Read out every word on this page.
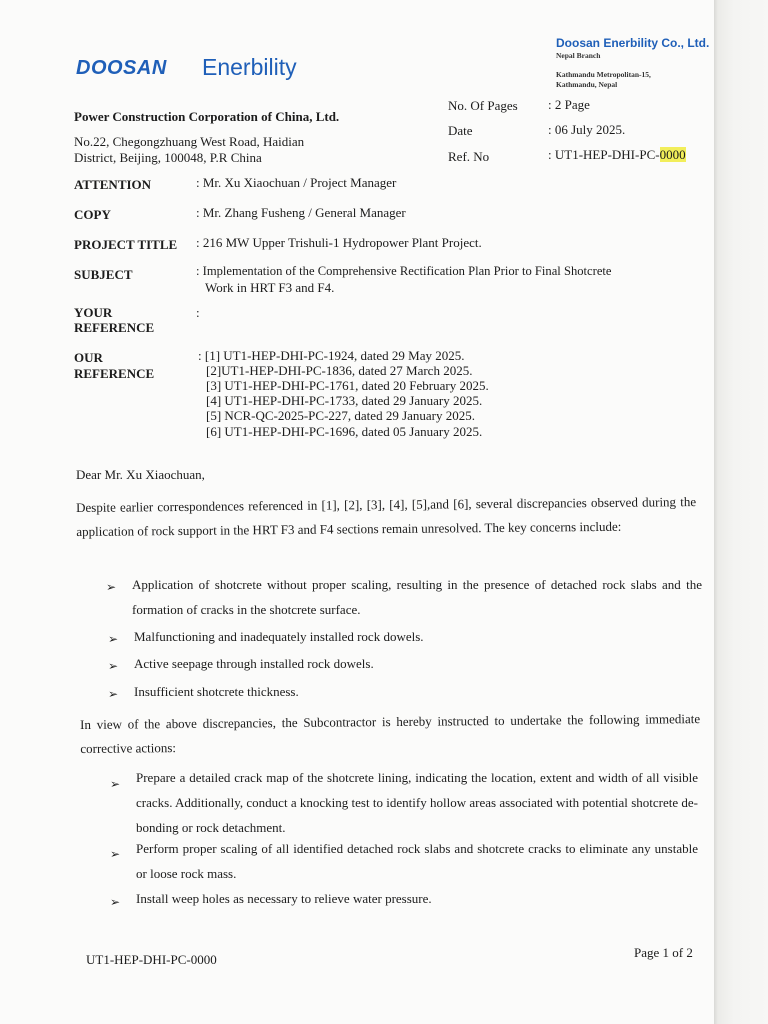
DOOSAN Enerbility
Doosan Enerbility Co., Ltd.
Nepal Branch
Kathmandu Metropolitan-15,
Kathmandu, Nepal
Power Construction Corporation of China, Ltd.
No.22, Chegongzhuang West Road, Haidian
District, Beijing, 100048, P.R China
No. Of Pages : 2 Page
Date	: 06 July 2025.
Ref. No	: UT1-HEP-DHI-PC-0000
ATTENTION	: Mr. Xu Xiaochuan / Project Manager
COPY	: Mr. Zhang Fusheng / General Manager
PROJECT TITLE : 216 MW Upper Trishuli-1 Hydropower Plant Project.
SUBJECT	: Implementation of the Comprehensive Rectification Plan Prior to Final Shotcrete
Work in HRT F3 and F4.
YOUR
REFERENCE
:
OUR
REFERENCE
: [1] UT1-HEP-DHI-PC-1924, dated 29 May 2025.
[2]UT1-HEP-DHI-PC-1836, dated 27 March 2025.
[3] UT1-HEP-DHI-PC-1761, dated 20 February 2025.
[4] UT1-HEP-DHI-PC-1733, dated 29 January 2025.
[5] NCR-QC-2025-PC-227, dated 29 January 2025.
[6] UT1-HEP-DHI-PC-1696, dated 05 January 2025.
Dear Mr. Xu Xiaochuan,
Despite earlier correspondences referenced in [1], [2], [3], [4], [5],and [6], several discrepancies observed during the application of rock support in the HRT F3 and F4 sections remain unresolved. The key concerns include:
➢ Application of shotcrete without proper scaling, resulting in the presence of detached rock slabs and the formation of cracks in the shotcrete surface.
➢ Malfunctioning and inadequately installed rock dowels.
➢ Active seepage through installed rock dowels.
➢ Insufficient shotcrete thickness.
In view of the above discrepancies, the Subcontractor is hereby instructed to undertake the following immediate corrective actions:
➢ Prepare a detailed crack map of the shotcrete lining, indicating the location, extent and width of all visible cracks. Additionally, conduct a knocking test to identify hollow areas associated with potential shotcrete de-bonding or rock detachment.
➢ Perform proper scaling of all identified detached rock slabs and shotcrete cracks to eliminate any unstable or loose rock mass.
➢ Install weep holes as necessary to relieve water pressure.
UT1-HEP-DHI-PC-0000	Page 1 of 2
